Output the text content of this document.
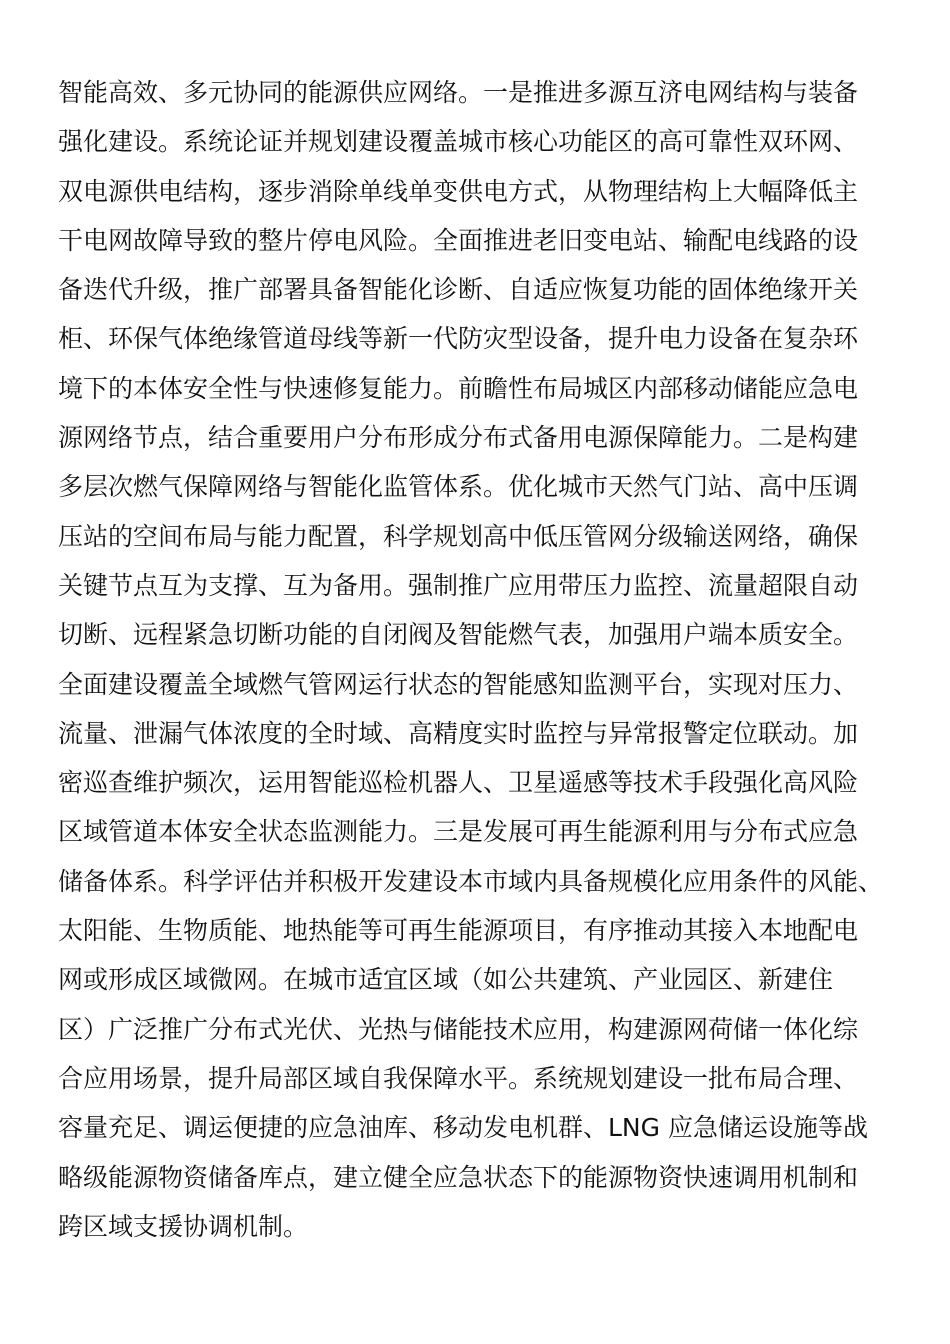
智能高效、多元协同的能源供应网络。一是推进多源互济电网结构与装备
强化建设。系统论证并规划建设覆盖城市核心功能区的高可靠性双环网、
双电源供电结构，逐步消除单线单变供电方式，从物理结构上大幅降低主
干电网故障导致的整片停电风险。全面推进老旧变电站、输配电线路的设
备迭代升级，推广部署具备智能化诊断、自适应恢复功能的固体绝缘开关
柜、环保气体绝缘管道母线等新一代防灾型设备，提升电力设备在复杂环
境下的本体安全性与快速修复能力。前瞻性布局城区内部移动储能应急电
源网络节点，结合重要用户分布形成分布式备用电源保障能力。二是构建
多层次燃气保障网络与智能化监管体系。优化城市天然气门站、高中压调
压站的空间布局与能力配置，科学规划高中低压管网分级输送网络，确保
关键节点互为支撑、互为备用。强制推广应用带压力监控、流量超限自动
切断、远程紧急切断功能的自闭阀及智能燃气表，加强用户端本质安全。
全面建设覆盖全域燃气管网运行状态的智能感知监测平台，实现对压力、
流量、泄漏气体浓度的全时域、高精度实时监控与异常报警定位联动。加
密巡查维护频次，运用智能巡检机器人、卫星遥感等技术手段强化高风险
区域管道本体安全状态监测能力。三是发展可再生能源利用与分布式应急
储备体系。科学评估并积极开发建设本市域内具备规模化应用条件的风能、
太阳能、生物质能、地热能等可再生能源项目，有序推动其接入本地配电
网或形成区域微网。在城市适宜区域（如公共建筑、产业园区、新建住
区）广泛推广分布式光伏、光热与储能技术应用，构建源网荷储一体化综
合应用场景，提升局部区域自我保障水平。系统规划建设一批布局合理、
容量充足、调运便捷的应急油库、移动发电机群、LNG 应急储运设施等战
略级能源物资储备库点，建立健全应急状态下的能源物资快速调用机制和
跨区域支援协调机制。
